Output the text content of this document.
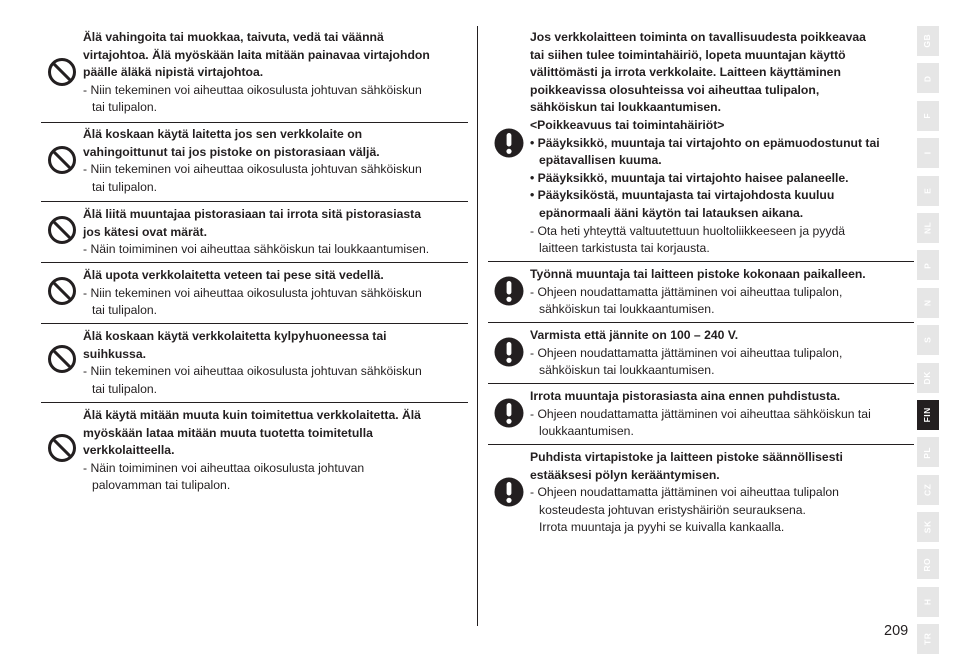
Älä vahingoita tai muokkaa, taivuta, vedä tai väännä
virtajohtoa. Älä myöskään laita mitään painavaa virtajohdon
päälle äläkä nipistä virtajohtoa.
- Niin tekeminen voi aiheuttaa oikosulusta johtuvan sähköiskun
tai tulipalon.
Älä koskaan käytä laitetta jos sen verkkolaite on
vahingoittunut tai jos pistoke on pistorasiaan väljä.
- Niin tekeminen voi aiheuttaa oikosulusta johtuvan sähköiskun
tai tulipalon.
Älä liitä muuntajaa pistorasiaan tai irrota sitä pistorasiasta
jos kätesi ovat märät.
- Näin toimiminen voi aiheuttaa sähköiskun tai loukkaantumisen.
Älä upota verkkolaitetta veteen tai pese sitä vedellä.
- Niin tekeminen voi aiheuttaa oikosulusta johtuvan sähköiskun
tai tulipalon.
Älä koskaan käytä verkkolaitetta kylpyhuoneessa tai
suihkussa.
- Niin tekeminen voi aiheuttaa oikosulusta johtuvan sähköiskun
tai tulipalon.
Älä käytä mitään muuta kuin toimitettua verkkolaitetta. Älä
myöskään lataa mitään muuta tuotetta toimitetulla
verkkolaitteella.
- Näin toimiminen voi aiheuttaa oikosulusta johtuvan
palovamman tai tulipalon.
Jos verkkolaitteen toiminta on tavallisuudesta poikkeavaa
tai siihen tulee toimintahäiriö, lopeta muuntajan käyttö
välittömästi ja irrota verkkolaite. Laitteen käyttäminen
poikkeavissa olosuhteissa voi aiheuttaa tulipalon,
sähköiskun tai loukkaantumisen.
<Poikkeavuus tai toimintahäiriöt>
• Pääyksikkö, muuntaja tai virtajohto on epämuodostunut tai
epätavallisen kuuma.
• Pääyksikkö, muuntaja tai virtajohto haisee palaneelle.
• Pääyksiköstä, muuntajasta tai virtajohdosta kuuluu
epänormaali ääni käytön tai latauksen aikana.
- Ota heti yhteyttä valtuutettuun huoltoliikkeeseen ja pyydä
laitteen tarkistusta tai korjausta.
Työnnä muuntaja tai laitteen pistoke kokonaan paikalleen.
- Ohjeen noudattamatta jättäminen voi aiheuttaa tulipalon,
sähköiskun tai loukkaantumisen.
Varmista että jännite on 100 – 240 V.
- Ohjeen noudattamatta jättäminen voi aiheuttaa tulipalon,
sähköiskun tai loukkaantumisen.
Irrota muuntaja pistorasiasta aina ennen puhdistusta.
- Ohjeen noudattamatta jättäminen voi aiheuttaa sähköiskun tai
loukkaantumisen.
Puhdista virtapistoke ja laitteen pistoke säännöllisesti
estääksesi pölyn kerääntymisen.
- Ohjeen noudattamatta jättäminen voi aiheuttaa tulipalon
kosteudesta johtuvan eristyshäiriön seurauksena.
Irrota muuntaja ja pyyhi se kuivalla kankaalla.
GB
D
F
I
E
NL
P
N
S
DK
FIN
PL
CZ
SK
RO
H
TR
209
